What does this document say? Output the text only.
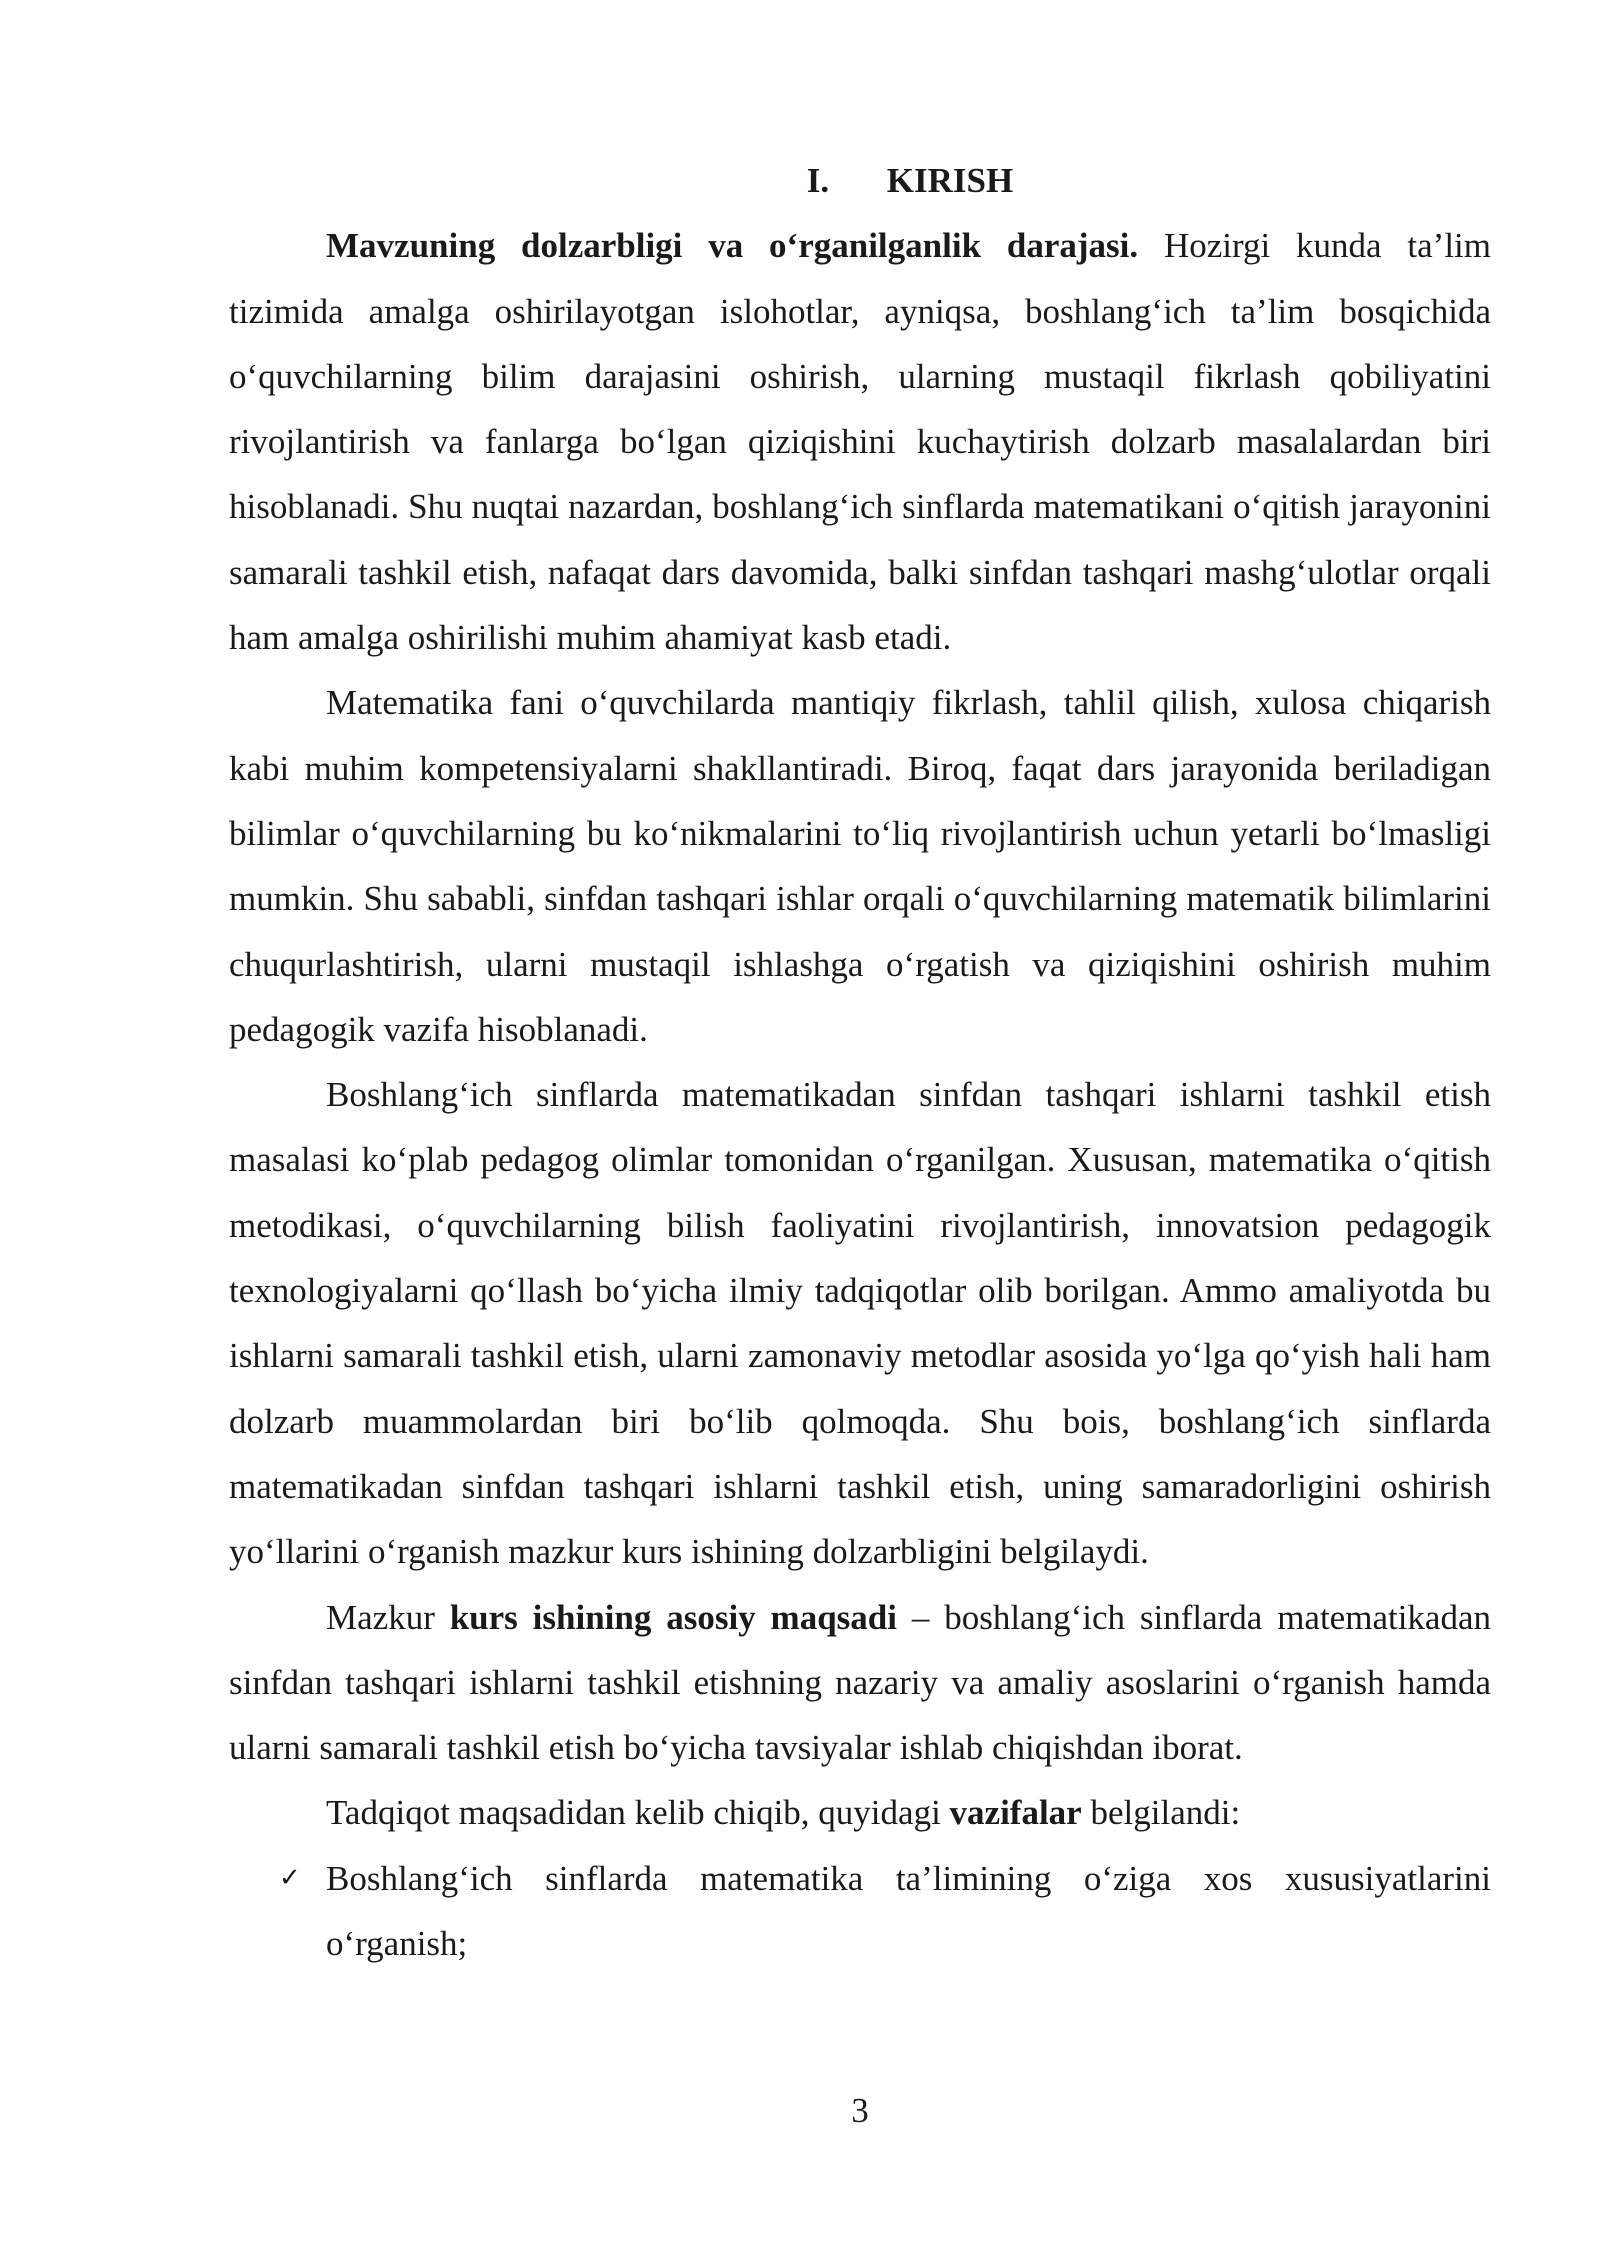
I. KIRISH

Mavzuning dolzarbligi va o‘rganilganlik darajasi. Hozirgi kunda ta’lim tizimida amalga oshirilayotgan islohotlar, ayniqsa, boshlang‘ich ta’lim bosqichida o‘quvchilarning bilim darajasini oshirish, ularning mustaqil fikrlash qobiliyatini rivojlantirish va fanlarga bo‘lgan qiziqishini kuchaytirish dolzarb masalalardan biri hisoblanadi. Shu nuqtai nazardan, boshlang‘ich sinflarda matematikani o‘qitish jarayonini samarali tashkil etish, nafaqat dars davomida, balki sinfdan tashqari mashg‘ulotlar orqali ham amalga oshirilishi muhim ahamiyat kasb etadi.

Matematika fani o‘quvchilarda mantiqiy fikrlash, tahlil qilish, xulosa chiqarish kabi muhim kompetensiyalarni shakllantiradi. Biroq, faqat dars jarayonida beriladigan bilimlar o‘quvchilarning bu ko‘nikmalarini to‘liq rivojlantirish uchun yetarli bo‘lmasligi mumkin. Shu sababli, sinfdan tashqari ishlar orqali o‘quvchilarning matematik bilimlarini chuqurlashtirish, ularni mustaqil ishlashga o‘rgatish va qiziqishini oshirish muhim pedagogik vazifa hisoblanadi.

Boshlang‘ich sinflarda matematikadan sinfdan tashqari ishlarni tashkil etish masalasi ko‘plab pedagog olimlar tomonidan o‘rganilgan. Xususan, matematika o‘qitish metodikasi, o‘quvchilarning bilish faoliyatini rivojlantirish, innovatsion pedagogik texnologiyalarni qo‘llash bo‘yicha ilmiy tadqiqotlar olib borilgan. Ammo amaliyotda bu ishlarni samarali tashkil etish, ularni zamonaviy metodlar asosida yo‘lga qo‘yish hali ham dolzarb muammolardan biri bo‘lib qolmoqda. Shu bois, boshlang‘ich sinflarda matematikadan sinfdan tashqari ishlarni tashkil etish, uning samaradorligini oshirish yo‘llarini o‘rganish mazkur kurs ishining dolzarbligini belgilaydi.

Mazkur kurs ishining asosiy maqsadi – boshlang‘ich sinflarda matematikadan sinfdan tashqari ishlarni tashkil etishning nazariy va amaliy asoslarini o‘rganish hamda ularni samarali tashkil etish bo‘yicha tavsiyalar ishlab chiqishdan iborat.

Tadqiqot maqsadidan kelib chiqib, quyidagi vazifalar belgilandi:

✓ Boshlang‘ich sinflarda matematika ta’limining o‘ziga xos xususiyatlarini o‘rganish;
3
